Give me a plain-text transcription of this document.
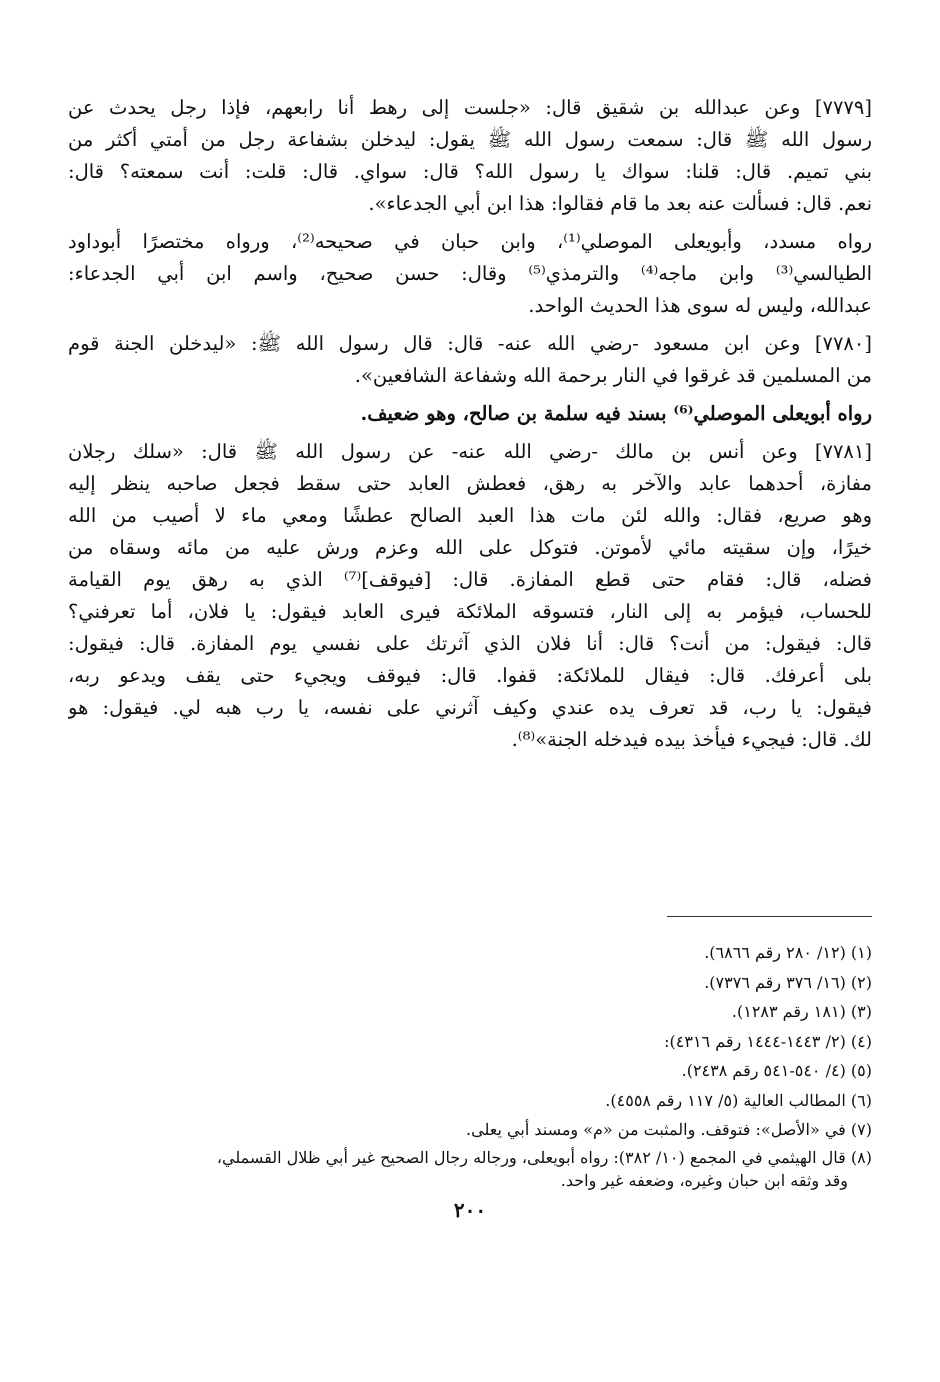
[٧٧٧٩] وعن عبدالله بن شقيق قال: «جلست إلى رهط أنا رابعهم، فإذا رجل يحدث عن
رسول الله ﷺ قال: سمعت رسول الله ﷺ يقول: ليدخلن بشفاعة رجل من أمتي أكثر من
بني تميم. قال: قلنا: سواك يا رسول الله؟ قال: سواي. قال: قلت: أنت سمعته؟ قال:
نعم. قال: فسألت عنه بعد ما قام فقالوا: هذا ابن أبي الجدعاء».
رواه مسدد، وأبويعلى الموصلي⁽¹⁾، وابن حبان في صحيحه⁽²⁾، ورواه مختصرًا أبوداود
الطيالسي⁽³⁾ وابن ماجه⁽⁴⁾ والترمذي⁽⁵⁾ وقال: حسن صحيح، واسم ابن أبي الجدعاء:
عبدالله، وليس له سوى هذا الحديث الواحد.
[٧٧٨٠] وعن ابن مسعود -رضي الله عنه- قال: قال رسول الله ﷺ: «ليدخلن الجنة قوم
من المسلمين قد غرقوا في النار برحمة الله وشفاعة الشافعين».
رواه أبويعلى الموصلي⁽⁶⁾ بسند فيه سلمة بن صالح، وهو ضعيف.
[٧٧٨١] وعن أنس بن مالك -رضي الله عنه- عن رسول الله ﷺ قال: «سلك رجلان
مفازة، أحدهما عابد والآخر به رهق، فعطش العابد حتى سقط فجعل صاحبه ينظر إليه
وهو صريع، فقال: والله لئن مات هذا العبد الصالح عطشًا ومعي ماء لا أصيب من الله
خيرًا، وإن سقيته مائي لأموتن. فتوكل على الله وعزم ورش عليه من مائه وسقاه من
فضله، قال: فقام حتى قطع المفازة. قال: [فيوقف]⁽⁷⁾ الذي به رهق يوم القيامة
للحساب، فيؤمر به إلى النار، فتسوقه الملائكة فيرى العابد فيقول: يا فلان، أما تعرفني؟
قال: فيقول: من أنت؟ قال: أنا فلان الذي آثرتك على نفسي يوم المفازة. قال: فيقول:
بلى أعرفك. قال: فيقال للملائكة: قفوا. قال: فيوقف ويجيء حتى يقف ويدعو ربه،
فيقول: يا رب، قد تعرف يده عندي وكيف آثرني على نفسه، يا رب هبه لي. فيقول: هو
لك. قال: فيجيء فيأخذ بيده فيدخله الجنة»⁽⁸⁾.
(١) (١٢/ ٢٨٠ رقم ٦٨٦٦).
(٢) (١٦/ ٣٧٦ رقم ٧٣٧٦).
(٣) (١٨١ رقم ١٢٨٣).
(٤) (٢/ ١٤٤٣-١٤٤٤ رقم ٤٣١٦):
(٥) (٤/ ٥٤٠-٥٤١ رقم ٢٤٣٨).
(٦) المطالب العالية (٥/ ١١٧ رقم ٤٥٥٨).
(٧) في «الأصل»: فتوقف. والمثبت من «م» ومسند أبي يعلى.
(٨) قال الهيثمي في المجمع (١٠/ ٣٨٢): رواه أبويعلى، ورجاله رجال الصحيح غير أبي ظلال القسملي،
وقد وثقه ابن حبان وغيره، وضعفه غير واحد.
٢٠٠
